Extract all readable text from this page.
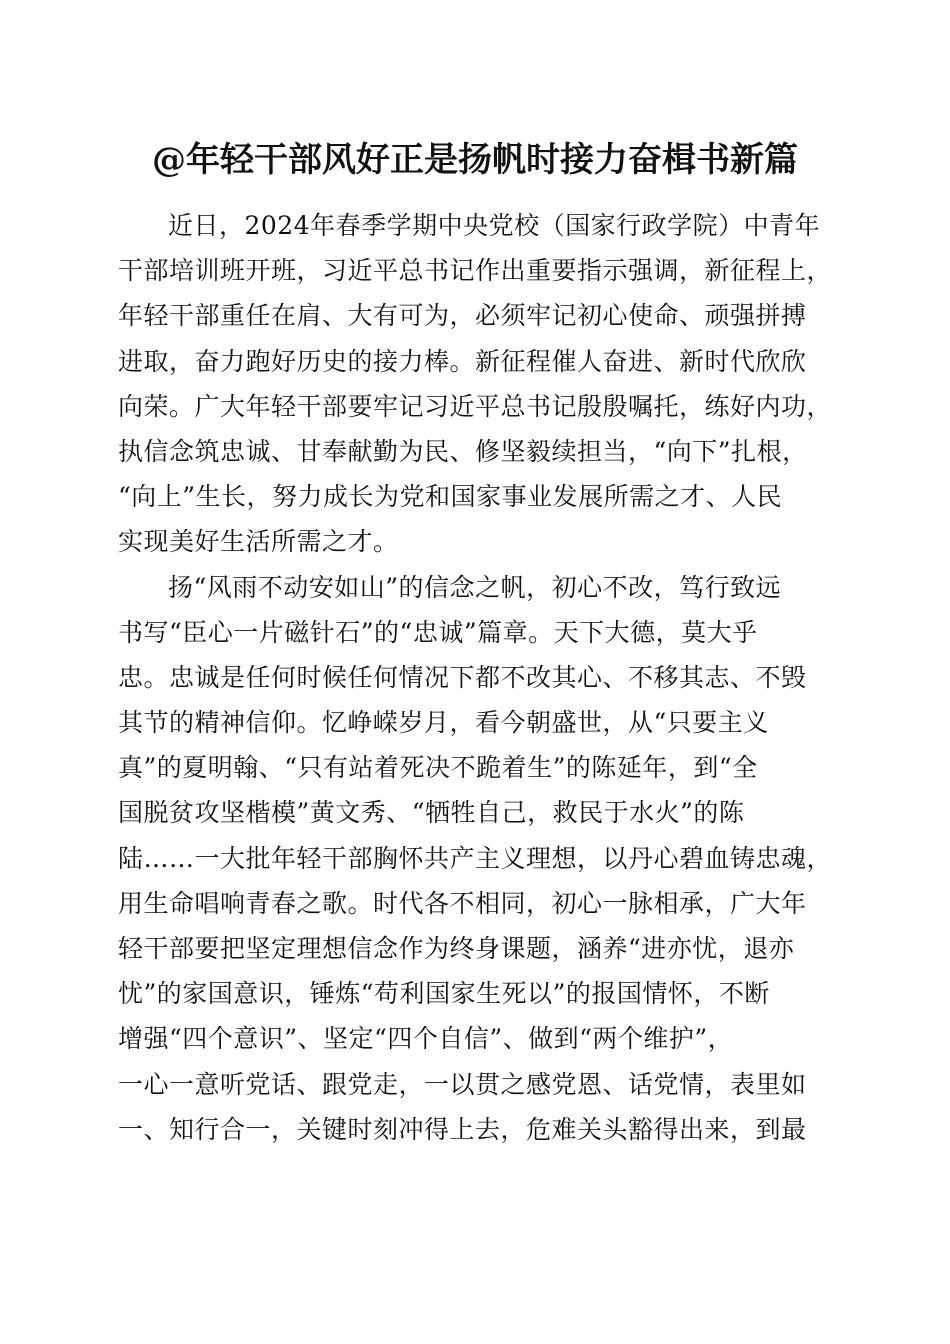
@年轻干部风好正是扬帆时接力奋楫书新篇
近日，2024年春季学期中央党校（国家行政学院）中青年
干部培训班开班，习近平总书记作出重要指示强调，新征程上，
年轻干部重任在肩、大有可为，必须牢记初心使命、顽强拼搏
进取，奋力跑好历史的接力棒。新征程催人奋进、新时代欣欣
向荣。广大年轻干部要牢记习近平总书记殷殷嘱托，练好内功，
执信念筑忠诚、甘奉献勤为民、修坚毅续担当，“向下”扎根，
“向上”生长，努力成长为党和国家事业发展所需之才、人民
实现美好生活所需之才。
扬“风雨不动安如山”的信念之帆，初心不改，笃行致远
书写“臣心一片磁针石”的“忠诚”篇章。天下大德，莫大乎
忠。忠诚是任何时候任何情况下都不改其心、不移其志、不毁
其节的精神信仰。忆峥嵘岁月，看今朝盛世，从“只要主义
真”的夏明翰、“只有站着死决不跪着生”的陈延年，到“全
国脱贫攻坚楷模”黄文秀、“牺牲自己，救民于水火”的陈
陆……一大批年轻干部胸怀共产主义理想，以丹心碧血铸忠魂，
用生命唱响青春之歌。时代各不相同，初心一脉相承，广大年
轻干部要把坚定理想信念作为终身课题，涵养“进亦忧，退亦
忧”的家国意识，锤炼“苟利国家生死以”的报国情怀，不断
增强“四个意识”、坚定“四个自信”、做到“两个维护”，
一心一意听党话、跟党走，一以贯之感党恩、话党情，表里如
一、知行合一，关键时刻冲得上去，危难关头豁得出来，到最
